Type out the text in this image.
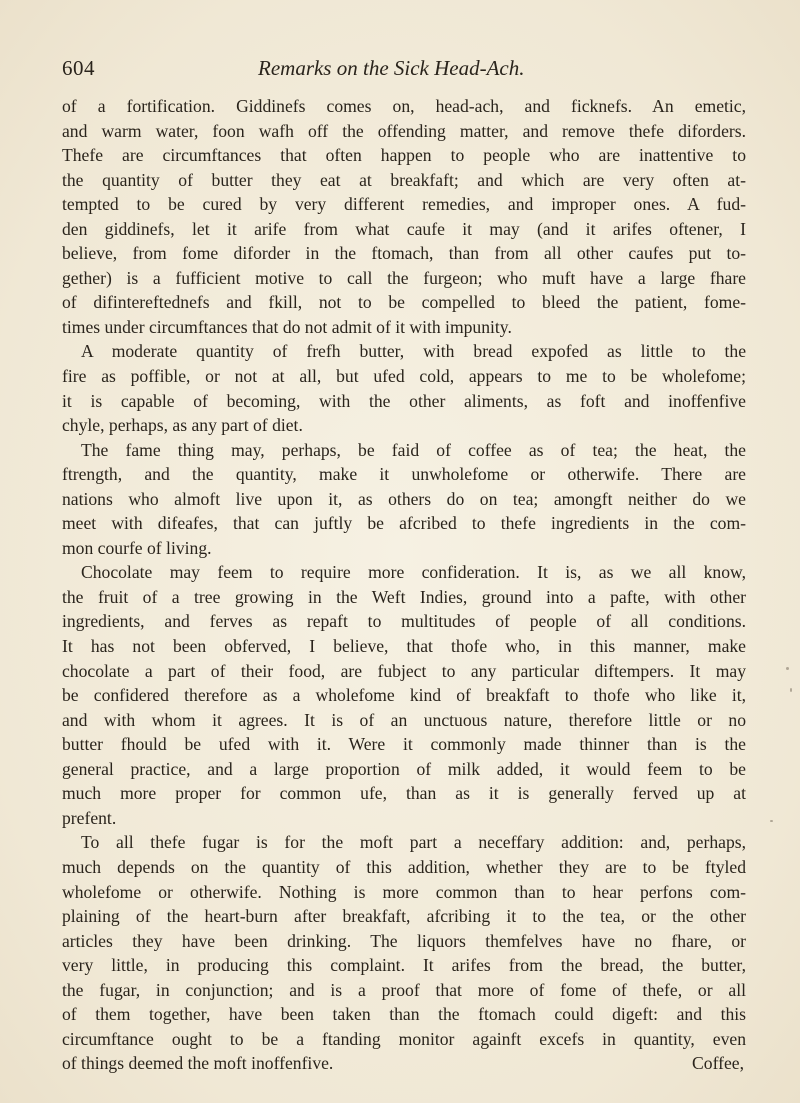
604	Remarks on the Sick Head-Ach.
of a fortification. Giddinefs comes on, head-ach, and ficknefs. An emetic,
and warm water, foon wafh off the offending matter, and remove thefe diforders.
Thefe are circumftances that often happen to people who are inattentive to
the quantity of butter they eat at breakfaft; and which are very often at-
tempted to be cured by very different remedies, and improper ones. A fud-
den giddinefs, let it arife from what caufe it may (and it arifes oftener, I
believe, from fome diforder in the ftomach, than from all other caufes put to-
gether) is a fufficient motive to call the furgeon; who muft have a large fhare
of difintereftednefs and fkill, not to be compelled to bleed the patient, fome-
times under circumftances that do not admit of it with impunity.
A moderate quantity of frefh butter, with bread expofed as little to the
fire as poffible, or not at all, but ufed cold, appears to me to be wholefome;
it is capable of becoming, with the other aliments, as foft and inoffenfive
chyle, perhaps, as any part of diet.
The fame thing may, perhaps, be faid of coffee as of tea; the heat, the
ftrength, and the quantity, make it unwholefome or otherwife. There are
nations who almoft live upon it, as others do on tea; amongft neither do we
meet with difeafes, that can juftly be afcribed to thefe ingredients in the com-
mon courfe of living.
Chocolate may feem to require more confideration. It is, as we all know,
the fruit of a tree growing in the Weft Indies, ground into a pafte, with other
ingredients, and ferves as repaft to multitudes of people of all conditions.
It has not been obferved, I believe, that thofe who, in this manner, make
chocolate a part of their food, are fubject to any particular diftempers. It may
be confidered therefore as a wholefome kind of breakfaft to thofe who like it,
and with whom it agrees. It is of an unctuous nature, therefore little or no
butter fhould be ufed with it. Were it commonly made thinner than is the
general practice, and a large proportion of milk added, it would feem to be
much more proper for common ufe, than as it is generally ferved up at
prefent.
To all thefe fugar is for the moft part a neceffary addition: and, perhaps,
much depends on the quantity of this addition, whether they are to be ftyled
wholefome or otherwife. Nothing is more common than to hear perfons com-
plaining of the heart-burn after breakfaft, afcribing it to the tea, or the other
articles they have been drinking. The liquors themfelves have no fhare, or
very little, in producing this complaint. It arifes from the bread, the butter,
the fugar, in conjunction; and is a proof that more of fome of thefe, or all
of them together, have been taken than the ftomach could digeft: and this
circumftance ought to be a ftanding monitor againft excefs in quantity, even
of things deemed the moft inoffenfive.	Coffee,
